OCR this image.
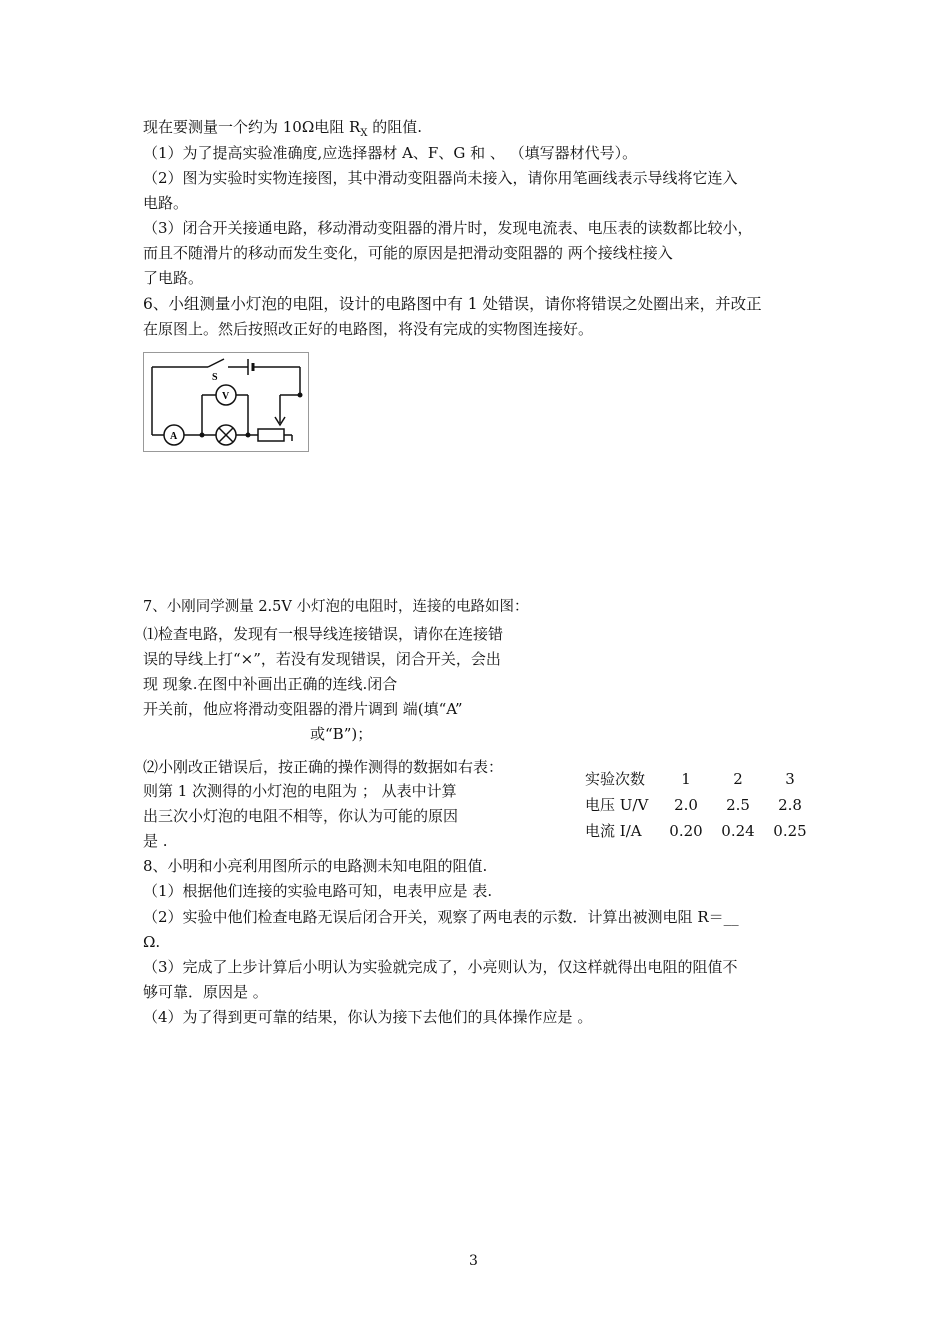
现在要测量一个约为 10Ω电阻 $R_X$ 的阻值.
（1）为了提高实验准确度,应选择器材 A、F、G 和 、 （填写器材代号）。
（2）图为实验时实物连接图，其中滑动变阻器尚未接入，请你用笔画线表示导线将它连入
电路。
（3）闭合开关接通电路，移动滑动变阻器的滑片时，发现电流表、电压表的读数都比较小，
而且不随滑片的移动而发生变化，可能的原因是把滑动变阻器的 两个接线柱接入
了电路。
6、小组测量小灯泡的电阻，设计的电路图中有 1 处错误，请你将错误之处圈出来，并改正
在原图上。然后按照改正好的电路图，将没有完成的实物图连接好。
S
V
A
7、小刚同学测量 2.5V 小灯泡的电阻时，连接的电路如图：
⑴检查电路，发现有一根导线连接错误，请你在连接错
误的导线上打“×”，若没有发现错误，闭合开关，会出
现 现象.在图中补画出正确的连线.闭合
开关前，他应将滑动变阻器的滑片调到 端(填“A”
或“B”)；
⑵小刚改正错误后，按正确的操作测得的数据如右表：
则第 1 次测得的小灯泡的电阻为 ； 从表中计算
出三次小灯泡的电阻不相等，你认为可能的原因
是 .
实验次数	1	2	3
电压 U/V	2.0	2.5	2.8
电流 I/A	0.20	0.24	0.25
8、小明和小亮利用图所示的电路测未知电阻的阻值.
（1）根据他们连接的实验电路可知，电表甲应是 表.
（2）实验中他们检查电路无误后闭合开关，观察了两电表的示数．计算出被测电阻 R＝__
Ω.
（3）完成了上步计算后小明认为实验就完成了，小亮则认为，仅这样就得出电阻的阻值不
够可靠．原因是 。
（4）为了得到更可靠的结果，你认为接下去他们的具体操作应是 。
3
